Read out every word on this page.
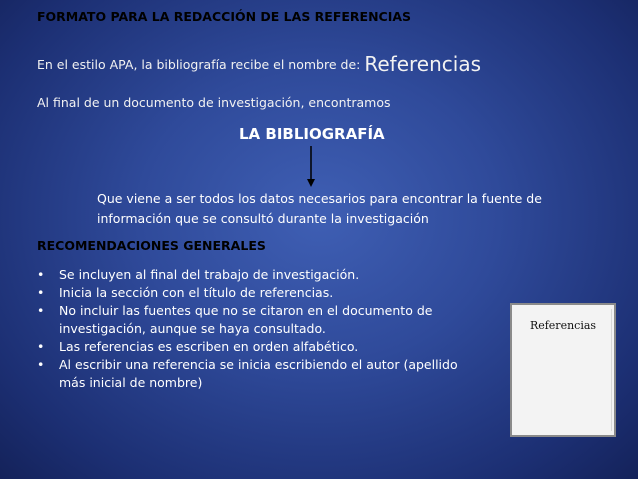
FORMATO PARA LA REDACCIÓN DE LAS REFERENCIAS

En el estilo APA, la bibliografía recibe el nombre de: Referencias

Al final de un documento de investigación, encontramos

LA BIBLIOGRAFÍA

Que viene a ser todos los datos necesarios para encontrar la fuente de
información que se consultó durante la investigación

RECOMENDACIONES GENERALES

• Se incluyen al final del trabajo de investigación.
• Inicia la sección con el título de referencias.
• No incluir las fuentes que no se citaron en el documento de
investigación, aunque se haya consultado.
• Las referencias es escriben en orden alfabético.
• Al escribir una referencia se inicia escribiendo el autor (apellido
más inicial de nombre)
Referencias
